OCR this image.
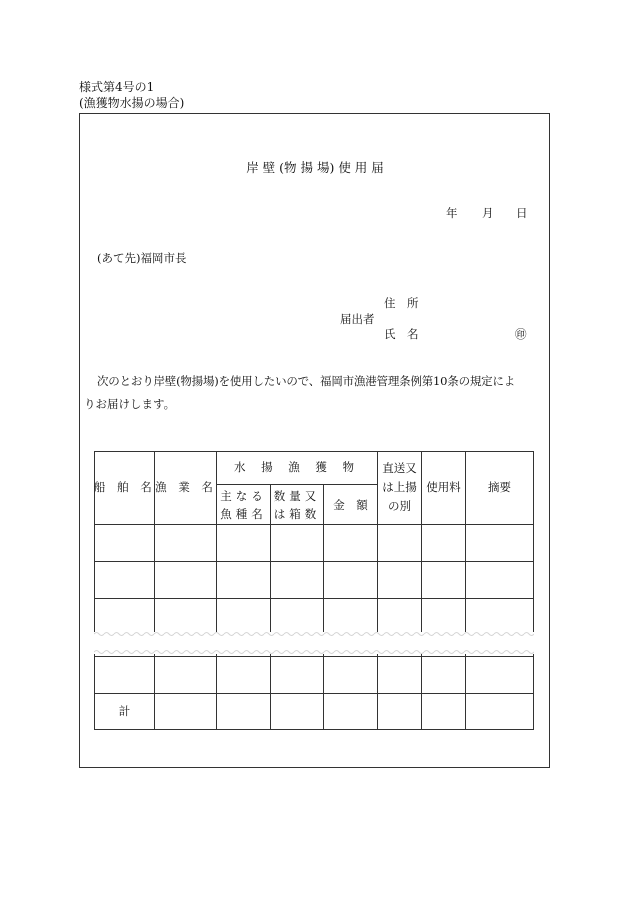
様式第4号の1
(漁獲物水揚の場合)
岸 壁 (物 揚 場) 使 用 届
年 月 日
(あて先)福岡市長
住　所
届出者
氏　名	㊞
次のとおり岸壁(物揚場)を使用したいので、福岡市漁港管理条例第10条の規定によ
りお届けします。
船 舶 名 漁 業 名
水 揚 漁 獲 物
主なる
魚種名
数量又
は箱数
金　額
直送又
は上揚
の別
使用料	摘要
計
